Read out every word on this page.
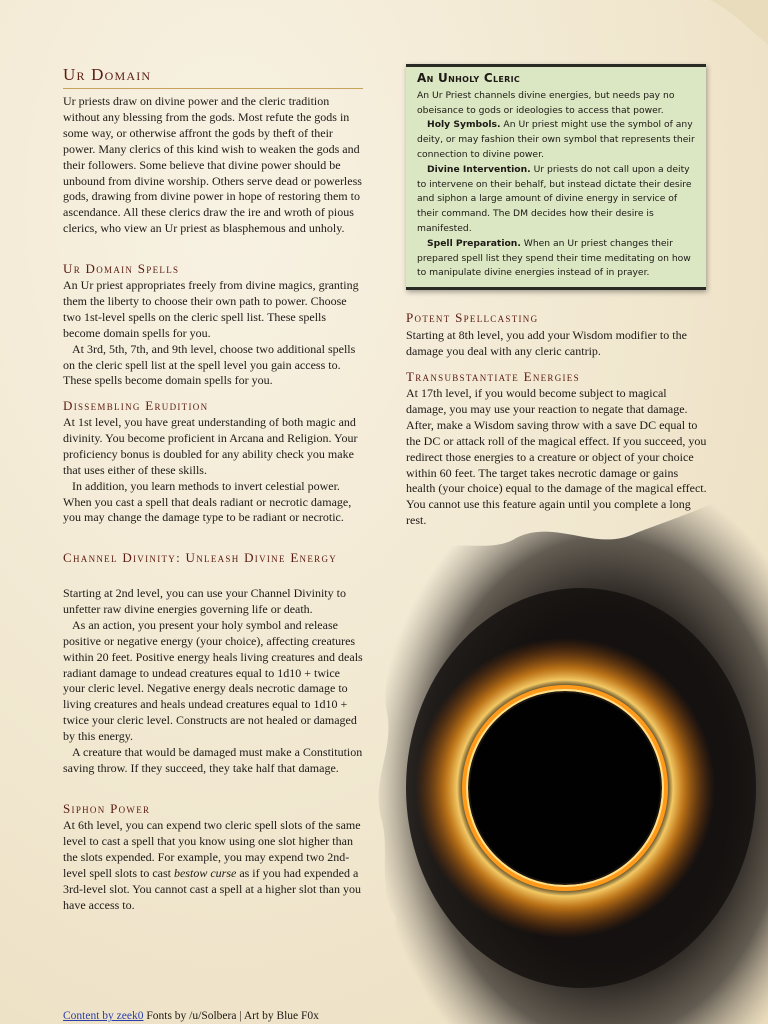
Ur Domain

Ur priests draw on divine power and the cleric tradition without any blessing from the gods. Most refute the gods in some way, or otherwise affront the gods by theft of their power. Many clerics of this kind wish to weaken the gods and their followers. Some believe that divine power should be unbound from divine worship. Others serve dead or powerless gods, drawing from divine power in hope of restoring them to ascendance. All these clerics draw the ire and wroth of pious clerics, who view an Ur priest as blasphemous and unholy.

Ur Domain Spells

An Ur priest appropriates freely from divine magics, granting them the liberty to choose their own path to power. Choose two 1st-level spells on the cleric spell list. These spells become domain spells for you.

At 3rd, 5th, 7th, and 9th level, choose two additional spells on the cleric spell list at the spell level you gain access to. These spells become domain spells for you.

Dissembling Erudition

At 1st level, you have great understanding of both magic and divinity. You become proficient in Arcana and Religion. Your proficiency bonus is doubled for any ability check you make that uses either of these skills.

In addition, you learn methods to invert celestial power. When you cast a spell that deals radiant or necrotic damage, you may change the damage type to be radiant or necrotic.

Channel Divinity: Unleash Divine Energy

Starting at 2nd level, you can use your Channel Divinity to unfetter raw divine energies governing life or death.

As an action, you present your holy symbol and release positive or negative energy (your choice), affecting creatures within 20 feet. Positive energy heals living creatures and deals radiant damage to undead creatures equal to 1d10 + twice your cleric level. Negative energy deals necrotic damage to living creatures and heals undead creatures equal to 1d10 + twice your cleric level. Constructs are not healed or damaged by this energy.

A creature that would be damaged must make a Constitution saving throw. If they succeed, they take half that damage.

Siphon Power

At 6th level, you can expend two cleric spell slots of the same level to cast a spell that you know using one slot higher than the slots expended. For example, you may expend two 2nd-level spell slots to cast bestow curse as if you had expended a 3rd-level slot. You cannot cast a spell at a higher slot than you have access to.

An Unholy Cleric

An Ur Priest channels divine energies, but needs pay no obeisance to gods or ideologies to access that power.

Holy Symbols. An Ur priest might use the symbol of any deity, or may fashion their own symbol that represents their connection to divine power.

Divine Intervention. Ur priests do not call upon a deity to intervene on their behalf, but instead dictate their desire and siphon a large amount of divine energy in service of their command. The DM decides how their desire is manifested.

Spell Preparation. When an Ur priest changes their prepared spell list they spend their time meditating on how to manipulate divine energies instead of in prayer.

Potent Spellcasting

Starting at 8th level, you add your Wisdom modifier to the damage you deal with any cleric cantrip.

Transubstantiate Energies

At 17th level, if you would become subject to magical damage, you may use your reaction to negate that damage. After, make a Wisdom saving throw with a save DC equal to the DC or attack roll of the magical effect. If you succeed, you redirect those energies to a creature or object of your choice within 60 feet. The target takes necrotic damage or gains health (your choice) equal to the damage of the magical effect. You cannot use this feature again until you complete a long rest.

Content by zeek0 Fonts by /u/Solbera | Art by Blue F0x
